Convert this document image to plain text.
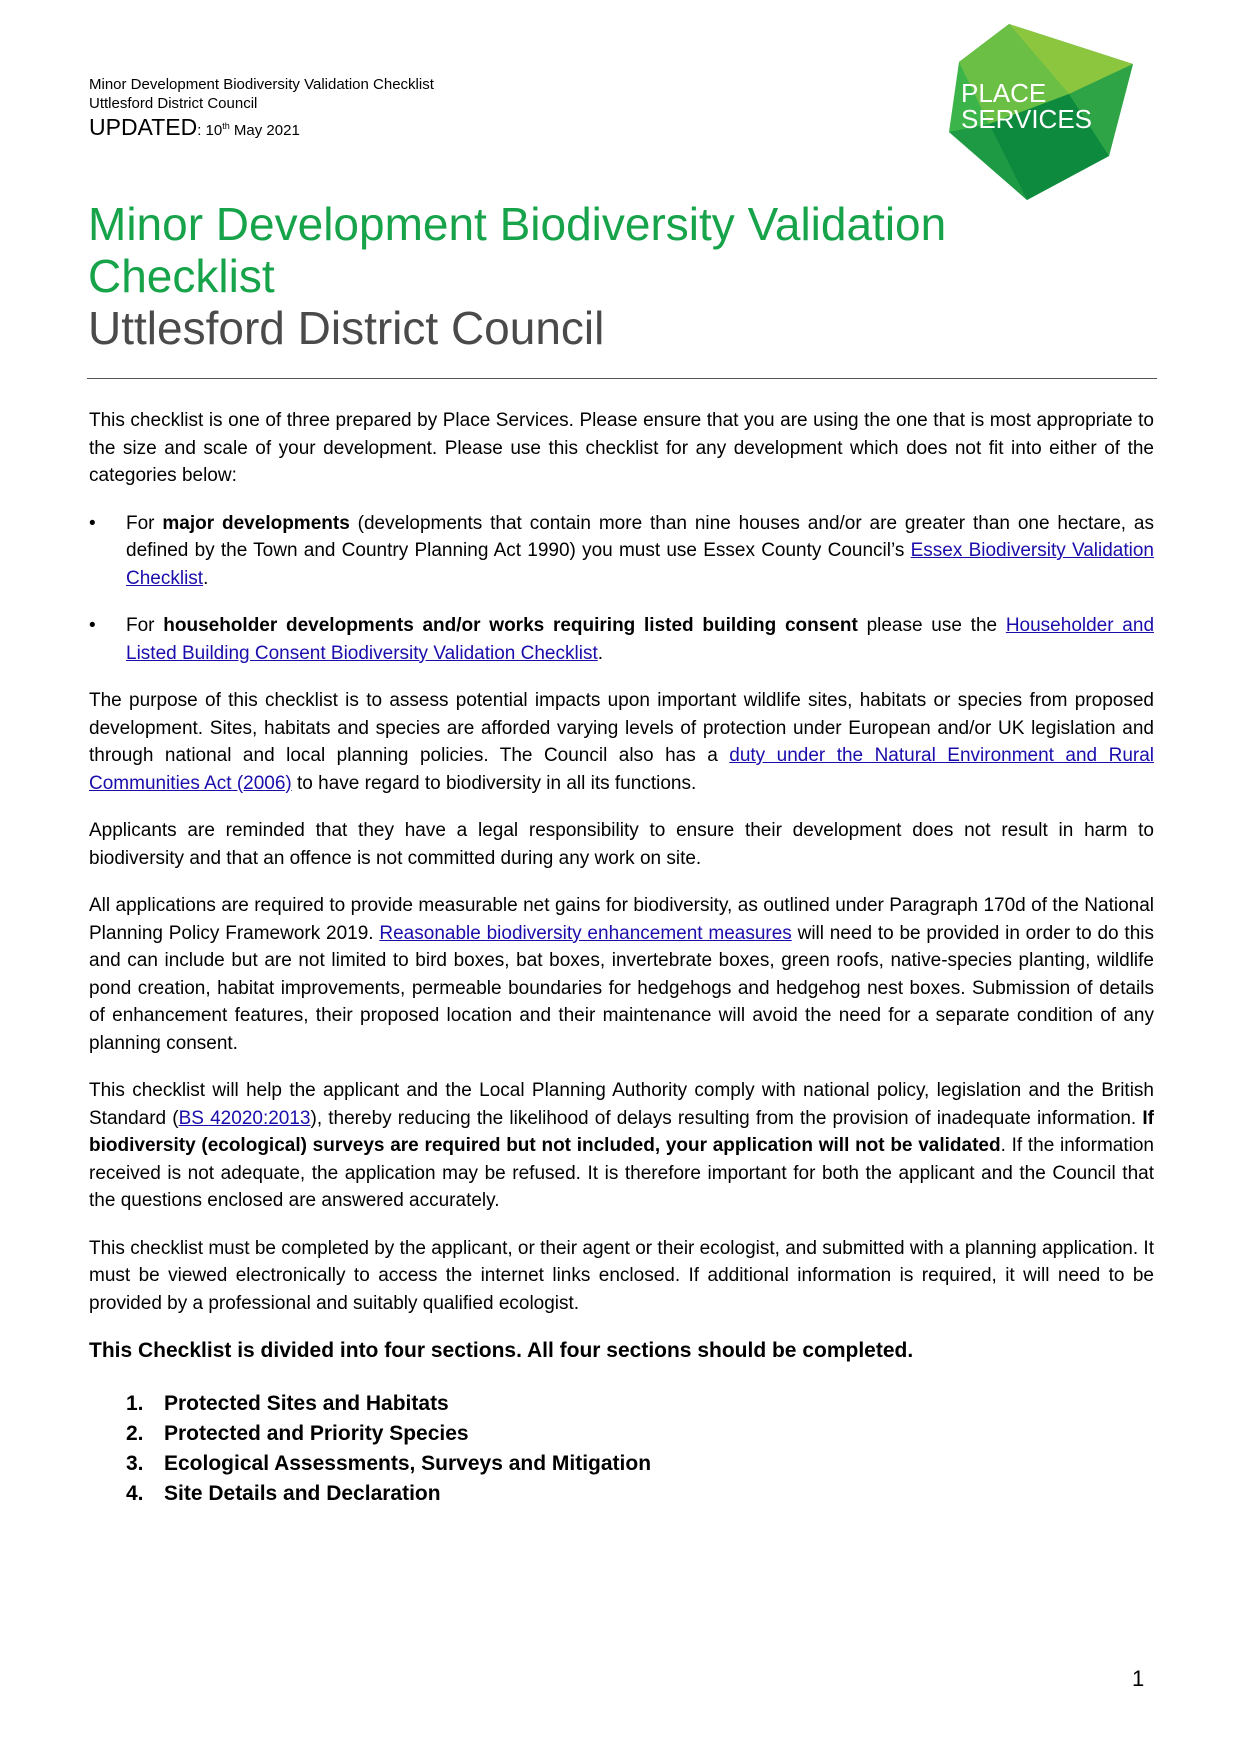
Minor Development Biodiversity Validation Checklist
Uttlesford District Council
UPDATED: 10th May 2021
PLACE
SERVICES
Minor Development Biodiversity Validation
Checklist
Uttlesford District Council

This checklist is one of three prepared by Place Services. Please ensure that you are using the one that is most appropriate to the size and scale of your development. Please use this checklist for any development which does not fit into either of the categories below:

• For major developments (developments that contain more than nine houses and/or are greater than one hectare, as defined by the Town and Country Planning Act 1990) you must use Essex County Council’s Essex Biodiversity Validation Checklist.
• For householder developments and/or works requiring listed building consent please use the Householder and Listed Building Consent Biodiversity Validation Checklist.

The purpose of this checklist is to assess potential impacts upon important wildlife sites, habitats or species from proposed development. Sites, habitats and species are afforded varying levels of protection under European and/or UK legislation and through national and local planning policies. The Council also has a duty under the Natural Environment and Rural Communities Act (2006) to have regard to biodiversity in all its functions.

Applicants are reminded that they have a legal responsibility to ensure their development does not result in harm to biodiversity and that an offence is not committed during any work on site.

All applications are required to provide measurable net gains for biodiversity, as outlined under Paragraph 170d of the National Planning Policy Framework 2019. Reasonable biodiversity enhancement measures will need to be provided in order to do this and can include but are not limited to bird boxes, bat boxes, invertebrate boxes, green roofs, native-species planting, wildlife pond creation, habitat improvements, permeable boundaries for hedgehogs and hedgehog nest boxes. Submission of details of enhancement features, their proposed location and their maintenance will avoid the need for a separate condition of any planning consent.

This checklist will help the applicant and the Local Planning Authority comply with national policy, legislation and the British Standard (BS 42020:2013), thereby reducing the likelihood of delays resulting from the provision of inadequate information. If biodiversity (ecological) surveys are required but not included, your application will not be validated. If the information received is not adequate, the application may be refused. It is therefore important for both the applicant and the Council that the questions enclosed are answered accurately.

This checklist must be completed by the applicant, or their agent or their ecologist, and submitted with a planning application. It must be viewed electronically to access the internet links enclosed. If additional information is required, it will need to be provided by a professional and suitably qualified ecologist.

This Checklist is divided into four sections. All four sections should be completed.

1. Protected Sites and Habitats
2. Protected and Priority Species
3. Ecological Assessments, Surveys and Mitigation
4. Site Details and Declaration
1
